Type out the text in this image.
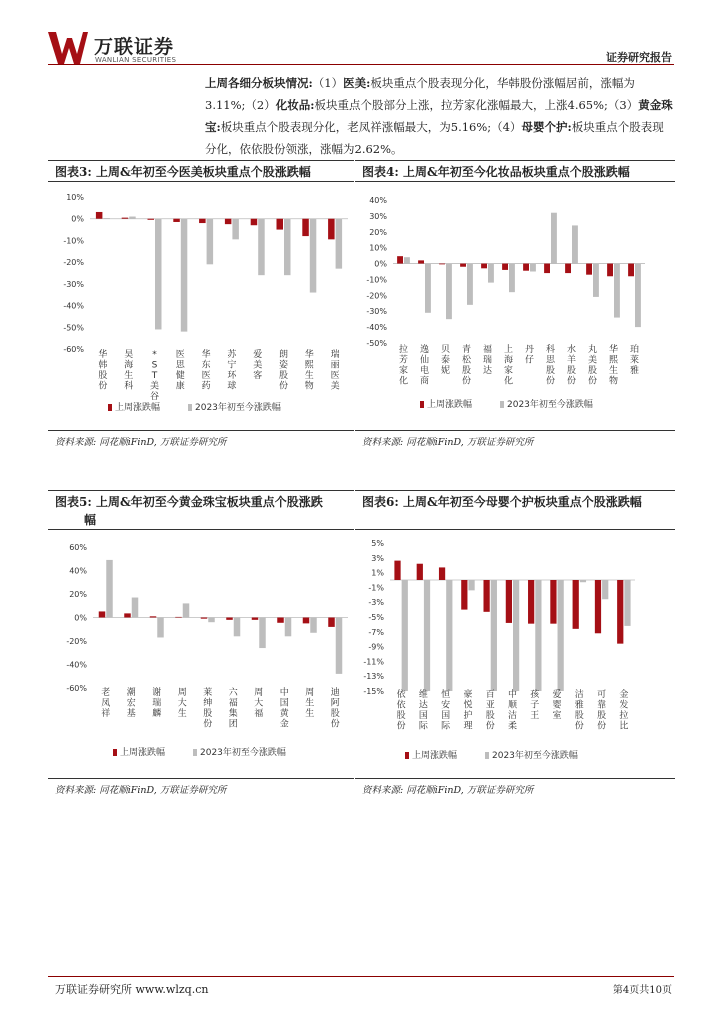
万联证券
WANLIAN SECURITIES	证券研究报告
上周各细分板块情况:（1）医美:板块重点个股表现分化，华韩股份涨幅居前，涨幅为3.11%;（2）化妆品:板块重点个股部分上涨，拉芳家化涨幅最大，上涨4.65%;（3）黄金珠宝:板块重点个股表现分化，老凤祥涨幅最大，为5.16%;（4）母婴个护:板块重点个股表现分化，依依股份领涨，涨幅为2.62%。
图表3: 上周&年初至今医美板块重点个股涨跌幅
10%
0%
-10%
-20%
-30%
-40%
-50%
-60%
华韩股份
昊海生科
* S T 美谷
医思健康
华东医药
苏宁环球
爱美客
朗姿股份
华熙生物
瑞丽医美
上周涨跌幅	2023年初至今涨跌幅
资料来源: 同花顺iFinD, 万联证券研究所
图表4: 上周&年初至今化妆品板块重点个股涨跌幅
40%
30%
20%
10%
0%
-10%
-20%
-30%
-40%
-50%
拉芳家化
逸仙电商
贝泰妮
青松股份
福瑞达
上海家化
丹仔
科思股份
水羊股份
丸美股份
华熙生物
珀莱雅
上周涨跌幅	2023年初至今涨跌幅
资料来源: 同花顺iFinD, 万联证券研究所
图表5: 上周&年初至今黄金珠宝板块重点个股涨跌
幅
60%
40%
20%
0%
-20%
-40%
-60% 老凤祥
潮宏基
谢瑞麟
周大生
莱绅股份
六福集团
周大福
中国黄金
周生生
迪阿股份
上周涨跌幅	2023年初至今涨跌幅
资料来源: 同花顺iFinD, 万联证券研究所
图表6: 上周&年初至今母婴个护板块重点个股涨跌幅
5%
3%
1%
-1%
-3%
-5%
-7%
-9%
-11%
-13%
-15% 依依股份
维达国际
恒安国际
豪悦护理
百亚股份
中顺洁柔
孩子王
爱婴室
洁雅股份
可靠股份
金发拉比
上周涨跌幅	2023年初至今涨跌幅
资料来源: 同花顺iFinD, 万联证券研究所
万联证券研究所 www.wlzq.cn	第4页共10页
